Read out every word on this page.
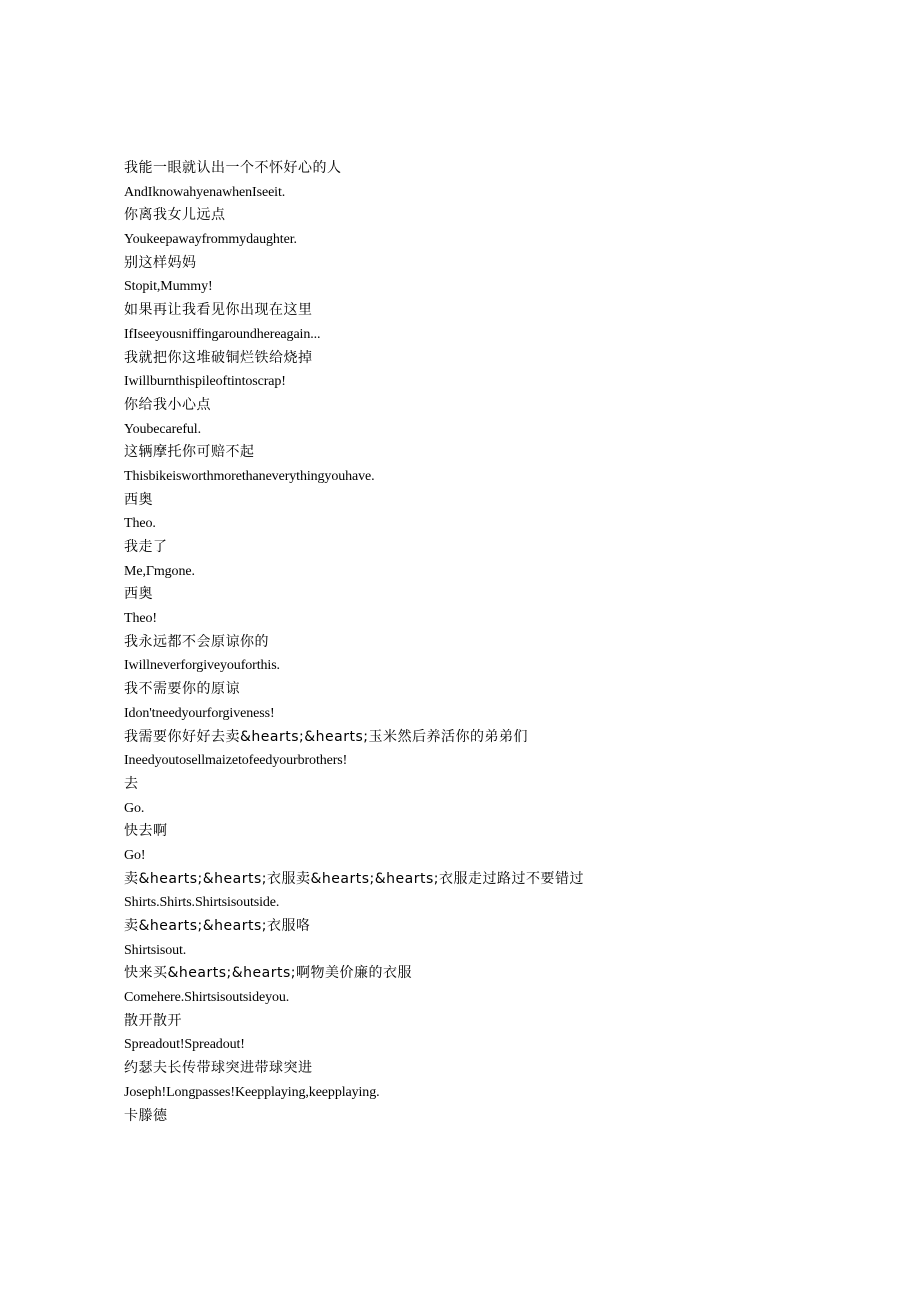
我能一眼就认出一个不怀好心的人
AndIknowahyenawhenIseeit.
你离我女儿远点
Youkeepawayfrommydaughter.
别这样妈妈
Stopit,Mummy!
如果再让我看见你出现在这里
IfIseeyousniffingaroundhereagain...
我就把你这堆破铜烂铁给烧掉
Iwillburnthispileoftintoscrap!
你给我小心点
Youbecareful.
这辆摩托你可赔不起
Thisbikeisworthmorethaneverythingyouhave.
西奥
Theo.
我走了
Me,Γmgone.
西奥
Theo!
我永远都不会原谅你的
Iwillneverforgiveyouforthis.
我不需要你的原谅
Idon'tneedyourforgiveness!
我需要你好好去卖&hearts;&hearts;玉米然后养活你的弟弟们
Ineedyoutosellmaizetofeedyourbrothers!
去
Go.
快去啊
Go!
卖&hearts;&hearts;衣服卖&hearts;&hearts;衣服走过路过不要错过
Shirts.Shirts.Shirtsisoutside.
卖&hearts;&hearts;衣服咯
Shirtsisout.
快来买&hearts;&hearts;啊物美价廉的衣服
Comehere.Shirtsisoutsideyou.
散开散开
Spreadout!Spreadout!
约瑟夫长传带球突进带球突进
Joseph!Longpasses!Keepplaying,keepplaying.
卡滕德
